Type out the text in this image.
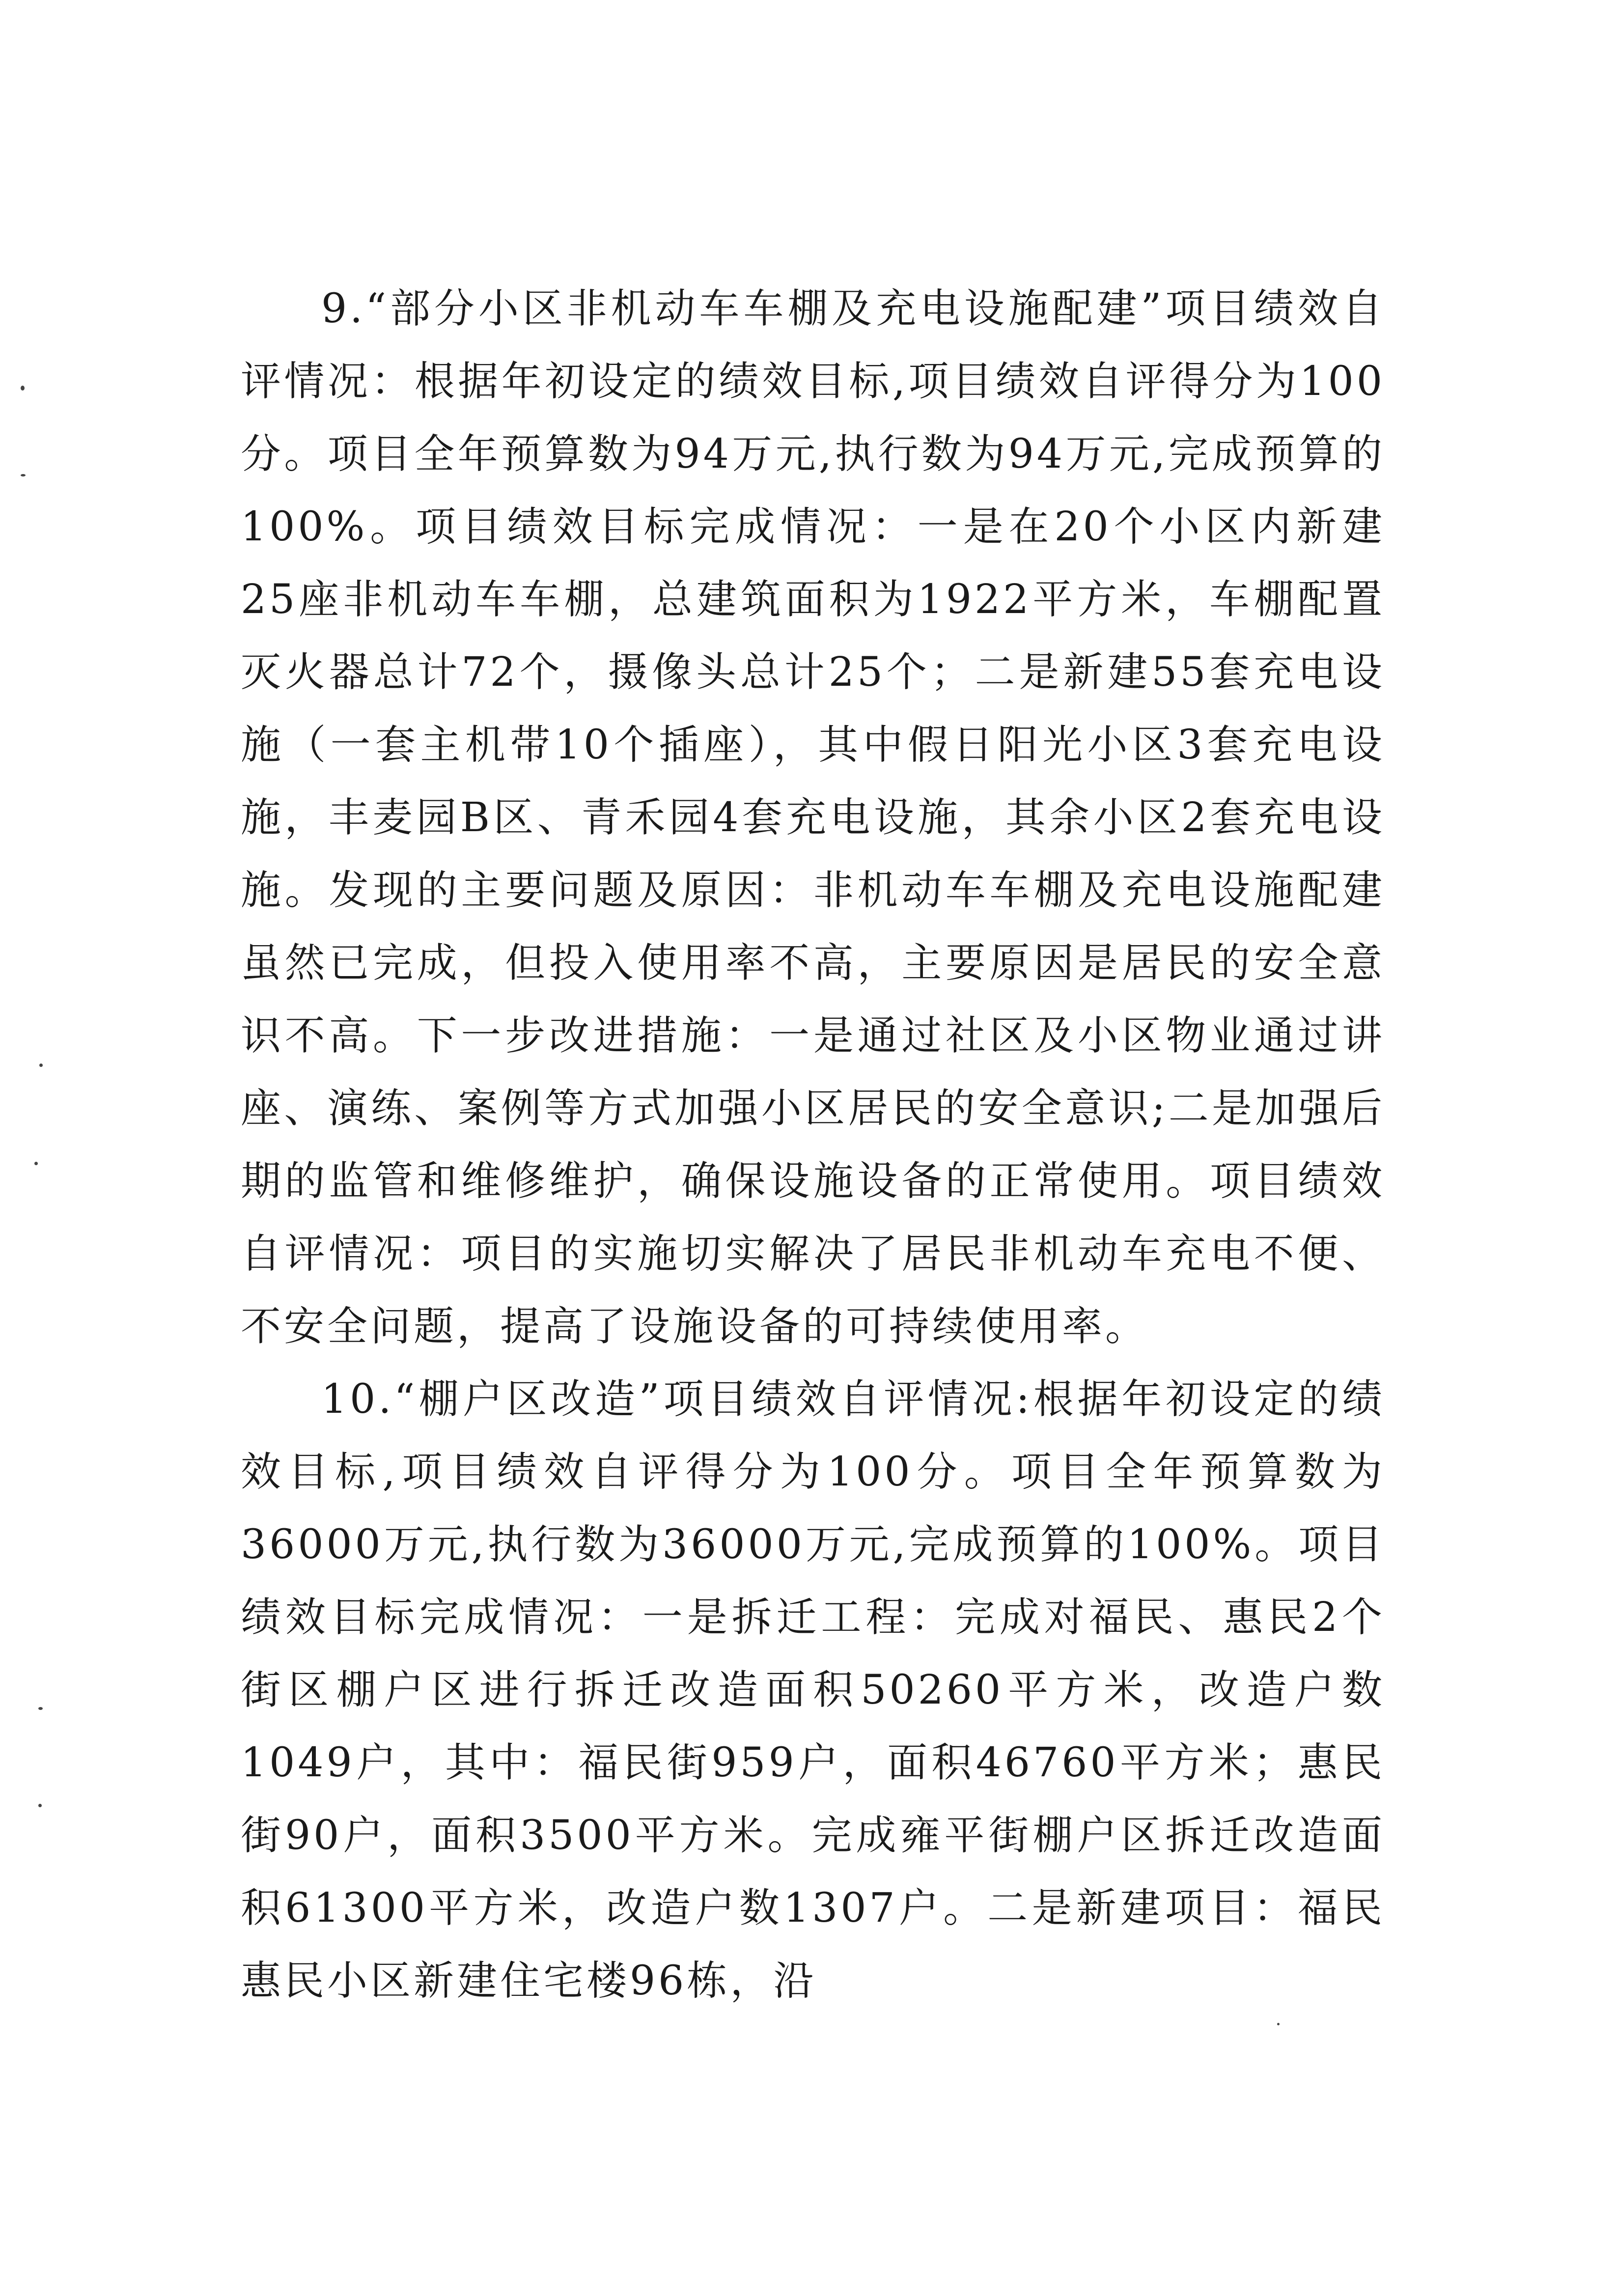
9.“部分小区非机动车车棚及充电设施配建”项目绩效自评情况：根据年初设定的绩效目标,项目绩效自评得分为100分。项目全年预算数为94万元,执行数为94万元,完成预算的100%。项目绩效目标完成情况：一是在20个小区内新建25座非机动车车棚，总建筑面积为1922平方米，车棚配置灭火器总计72个，摄像头总计25个；二是新建55套充电设施（一套主机带10个插座），其中假日阳光小区3套充电设施，丰麦园B区、青禾园4套充电设施，其余小区2套充电设施。发现的主要问题及原因：非机动车车棚及充电设施配建虽然已完成，但投入使用率不高，主要原因是居民的安全意识不高。下一步改进措施：一是通过社区及小区物业通过讲座、演练、案例等方式加强小区居民的安全意识;二是加强后期的监管和维修维护，确保设施设备的正常使用。项目绩效自评情况：项目的实施切实解决了居民非机动车充电不便、不安全问题，提高了设施设备的可持续使用率。

10.“棚户区改造”项目绩效自评情况:根据年初设定的绩效目标,项目绩效自评得分为100分。项目全年预算数为36000万元,执行数为36000万元,完成预算的100%。项目绩效目标完成情况：一是拆迁工程：完成对福民、惠民2个街区棚户区进行拆迁改造面积50260平方米，改造户数1049户，其中：福民街959户，面积46760平方米；惠民街90户，面积3500平方米。完成雍平街棚户区拆迁改造面积61300平方米，改造户数1307户。二是新建项目：福民惠民小区新建住宅楼96栋，沿
